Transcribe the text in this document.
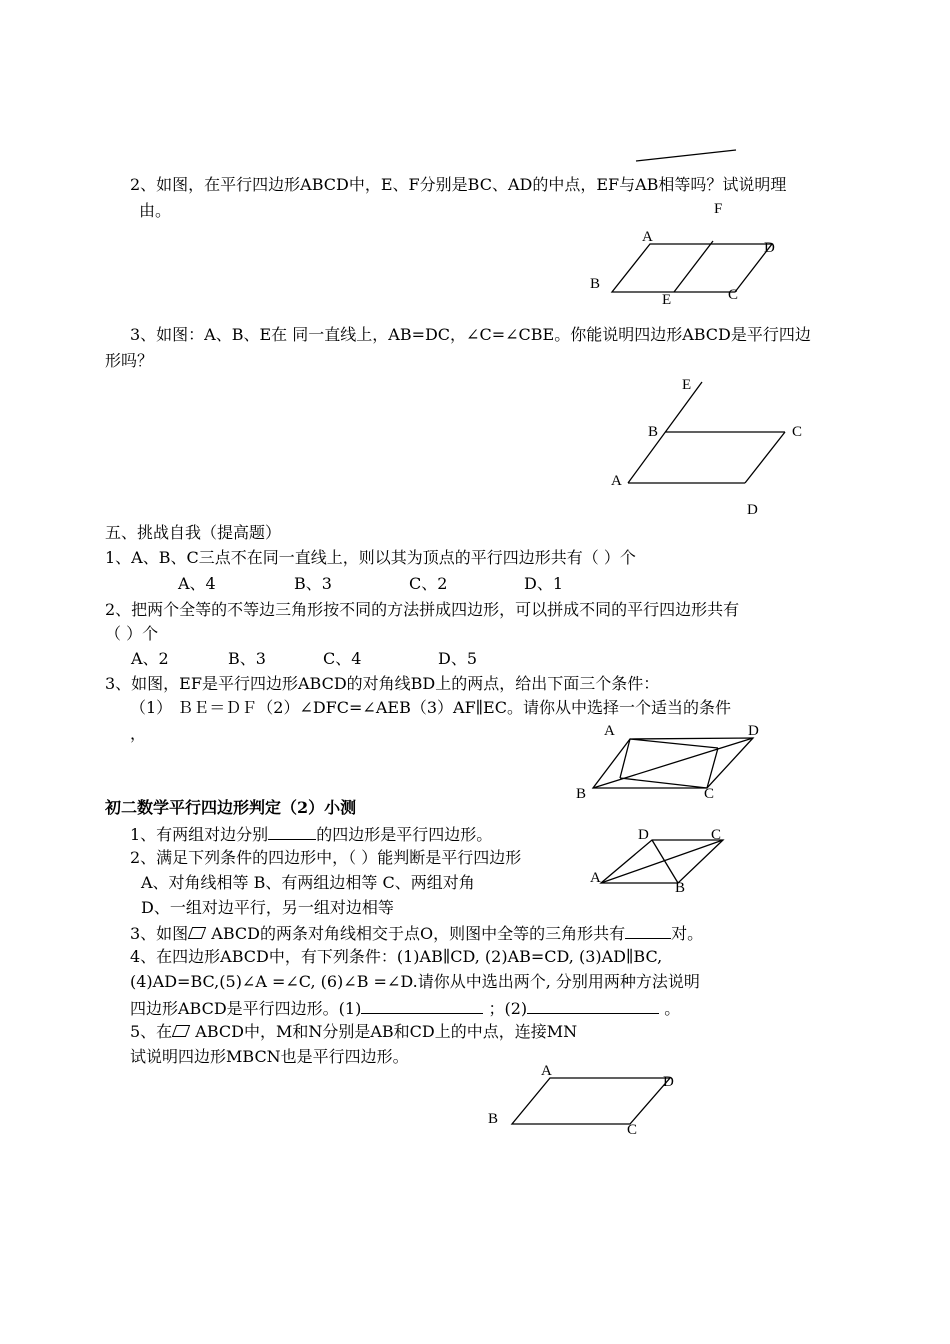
2、如图，在平行四边形ABCD中，E、F分别是BC、AD的中点，EF与AB相等吗？试说明理
由。	F
A
D
B
E	C
3、如图：A、B、E在 同一直线上，AB=DC，∠C=∠CBE。你能说明四边形ABCD是平行四边
形吗？
E
B	C
A
D
五、挑战自我（提高题）
1、A、B、C三点不在同一直线上，则以其为顶点的平行四边形共有（ ）个
A、4	B、3	C、2	D、1
2、把两个全等的不等边三角形按不同的方法拼成四边形，可以拼成不同的平行四边形共有
（ ）个
A、2	B、3	C、4	D、5
3、如图，EF是平行四边形ABCD的对角线BD上的两点，给出下面三个条件：
（1） ＢＥ＝ＤＦ（2）∠DFC=∠AEB（3）AF∥EC。请你从中选择一个适当的条件
，	A	D
B	C
初二数学平行四边形判定（2）小测
1、有两组对边分别	的四边形是平行四边形。
2、满足下列条件的四边形中，（ ）能判断是平行四边形
A、对角线相等 B、有两组边相等 C、两组对角
D、一组对边平行，另一组对边相等
D	C
A
B
3、如图 ABCD的两条对角线相交于点O，则图中全等的三角形共有	对。
4、在四边形ABCD中，有下列条件：(1)AB∥CD, (2)AB=CD, (3)AD∥BC,
(4)AD=BC,(5)∠A =∠C, (6)∠B =∠D.请你从中选出两个, 分别用两种方法说明
四边形ABCD是平行四边形。(1)	；(2)	。
5、在 ABCD中，M和N分别是AB和CD上的中点，连接MN
试说明四边形MBCN也是平行四边形。
A
D
B
C
